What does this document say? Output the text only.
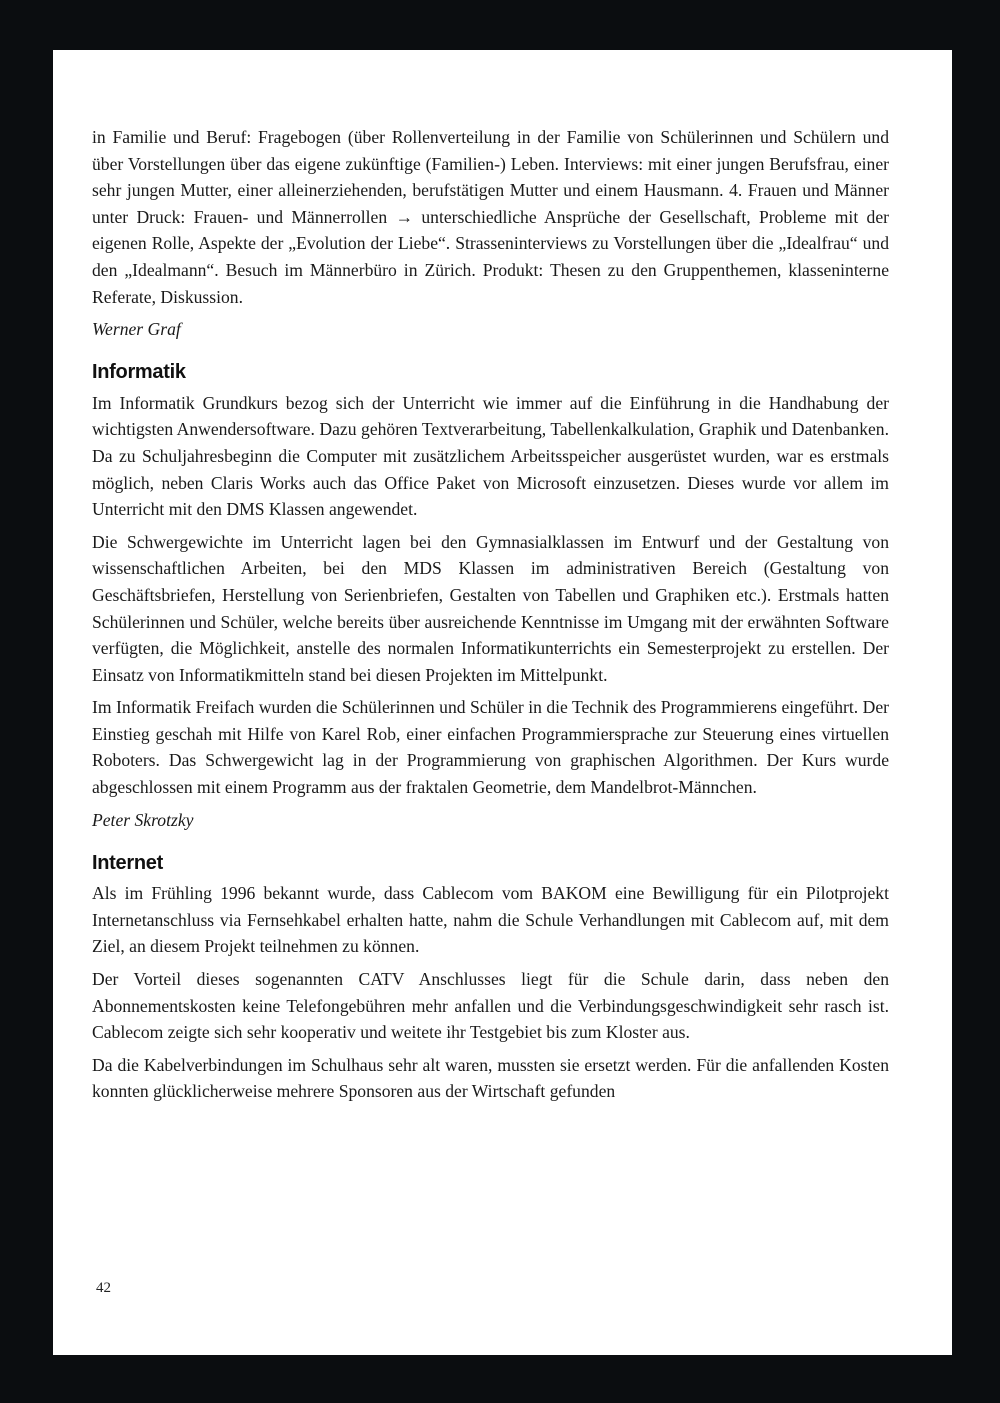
in Familie und Beruf: Fragebogen (über Rollenverteilung in der Familie von Schülerinnen und Schülern und über Vorstellungen über das eigene zukünftige (Familien-) Leben. Interviews: mit einer jungen Berufsfrau, einer sehr jungen Mutter, einer alleinerziehenden, berufstätigen Mutter und einem Hausmann. 4. Frauen und Männer unter Druck: Frauen- und Männerrollen → unterschiedliche Ansprüche der Gesellschaft, Probleme mit der eigenen Rolle, Aspekte der „Evolution der Liebe“. Strasseninterviews zu Vorstellungen über die „Idealfrau“ und den „Idealmann“. Besuch im Männerbüro in Zürich. Produkt: Thesen zu den Gruppenthemen, klasseninterne Referate, Diskussion.

Werner Graf

Informatik

Im Informatik Grundkurs bezog sich der Unterricht wie immer auf die Einführung in die Handhabung der wichtigsten Anwendersoftware. Dazu gehören Textverarbeitung, Tabellenkalkulation, Graphik und Datenbanken. Da zu Schuljahresbeginn die Computer mit zusätzlichem Arbeitsspeicher ausgerüstet wurden, war es erstmals möglich, neben Claris Works auch das Office Paket von Microsoft einzusetzen. Dieses wurde vor allem im Unterricht mit den DMS Klassen angewendet.

Die Schwergewichte im Unterricht lagen bei den Gymnasialklassen im Entwurf und der Gestaltung von wissenschaftlichen Arbeiten, bei den MDS Klassen im administrativen Bereich (Gestaltung von Geschäftsbriefen, Herstellung von Serienbriefen, Gestalten von Tabellen und Graphiken etc.). Erstmals hatten Schülerinnen und Schüler, welche bereits über ausreichende Kenntnisse im Umgang mit der erwähnten Software verfügten, die Möglichkeit, anstelle des normalen Informatikunterrichts ein Semesterprojekt zu erstellen. Der Einsatz von Informatikmitteln stand bei diesen Projekten im Mittelpunkt.

Im Informatik Freifach wurden die Schülerinnen und Schüler in die Technik des Programmierens eingeführt. Der Einstieg geschah mit Hilfe von Karel Rob, einer einfachen Programmiersprache zur Steuerung eines virtuellen Roboters. Das Schwergewicht lag in der Programmierung von graphischen Algorithmen. Der Kurs wurde abgeschlossen mit einem Programm aus der fraktalen Geometrie, dem Mandelbrot-Männchen.

Peter Skrotzky

Internet

Als im Frühling 1996 bekannt wurde, dass Cablecom vom BAKOM eine Bewilligung für ein Pilotprojekt Internetanschluss via Fernsehkabel erhalten hatte, nahm die Schule Verhandlungen mit Cablecom auf, mit dem Ziel, an diesem Projekt teilnehmen zu können.

Der Vorteil dieses sogenannten CATV Anschlusses liegt für die Schule darin, dass neben den Abonnementskosten keine Telefongebühren mehr anfallen und die Verbindungsgeschwindigkeit sehr rasch ist. Cablecom zeigte sich sehr kooperativ und weitete ihr Testgebiet bis zum Kloster aus.

Da die Kabelverbindungen im Schulhaus sehr alt waren, mussten sie ersetzt werden. Für die anfallenden Kosten konnten glücklicherweise mehrere Sponsoren aus der Wirtschaft gefunden

42
